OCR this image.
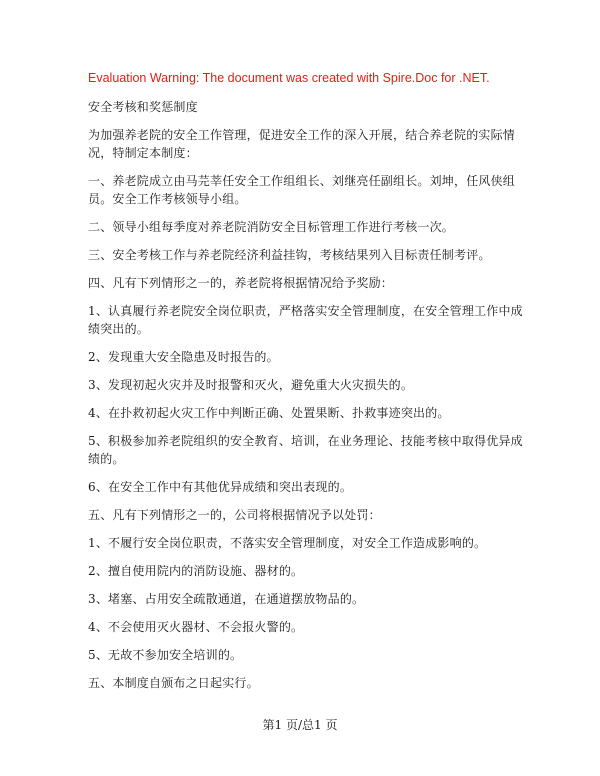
Evaluation Warning: The document was created with Spire.Doc for .NET.
安全考核和奖惩制度
为加强养老院的安全工作管理，促进安全工作的深入开展，结合养老院的实际情况，特制定本制度：
一、养老院成立由马芫莘任安全工作组组长、刘继亮任副组长。刘坤，任风侠组员。安全工作考核领导小组。
二、领导小组每季度对养老院消防安全目标管理工作进行考核一次。
三、安全考核工作与养老院经济利益挂钩，考核结果列入目标责任制考评。
四、凡有下列情形之一的，养老院将根据情况给予奖励：
1、认真履行养老院安全岗位职责，严格落实安全管理制度，在安全管理工作中成绩突出的。
2、发现重大安全隐患及时报告的。
3、发现初起火灾并及时报警和灭火，避免重大火灾损失的。
4、在扑救初起火灾工作中判断正确、处置果断、扑救事迹突出的。
5、积极参加养老院组织的安全教育、培训，在业务理论、技能考核中取得优异成绩的。
6、在安全工作中有其他优异成绩和突出表现的。
五、凡有下列情形之一的，公司将根据情况予以处罚：
1、不履行安全岗位职责，不落实安全管理制度，对安全工作造成影响的。
2、擅自使用院内的消防设施、器材的。
3、堵塞、占用安全疏散通道，在通道摆放物品的。
4、不会使用灭火器材、不会报火警的。
5、无故不参加安全培训的。
五、本制度自颁布之日起实行。
第1 页/总1 页
